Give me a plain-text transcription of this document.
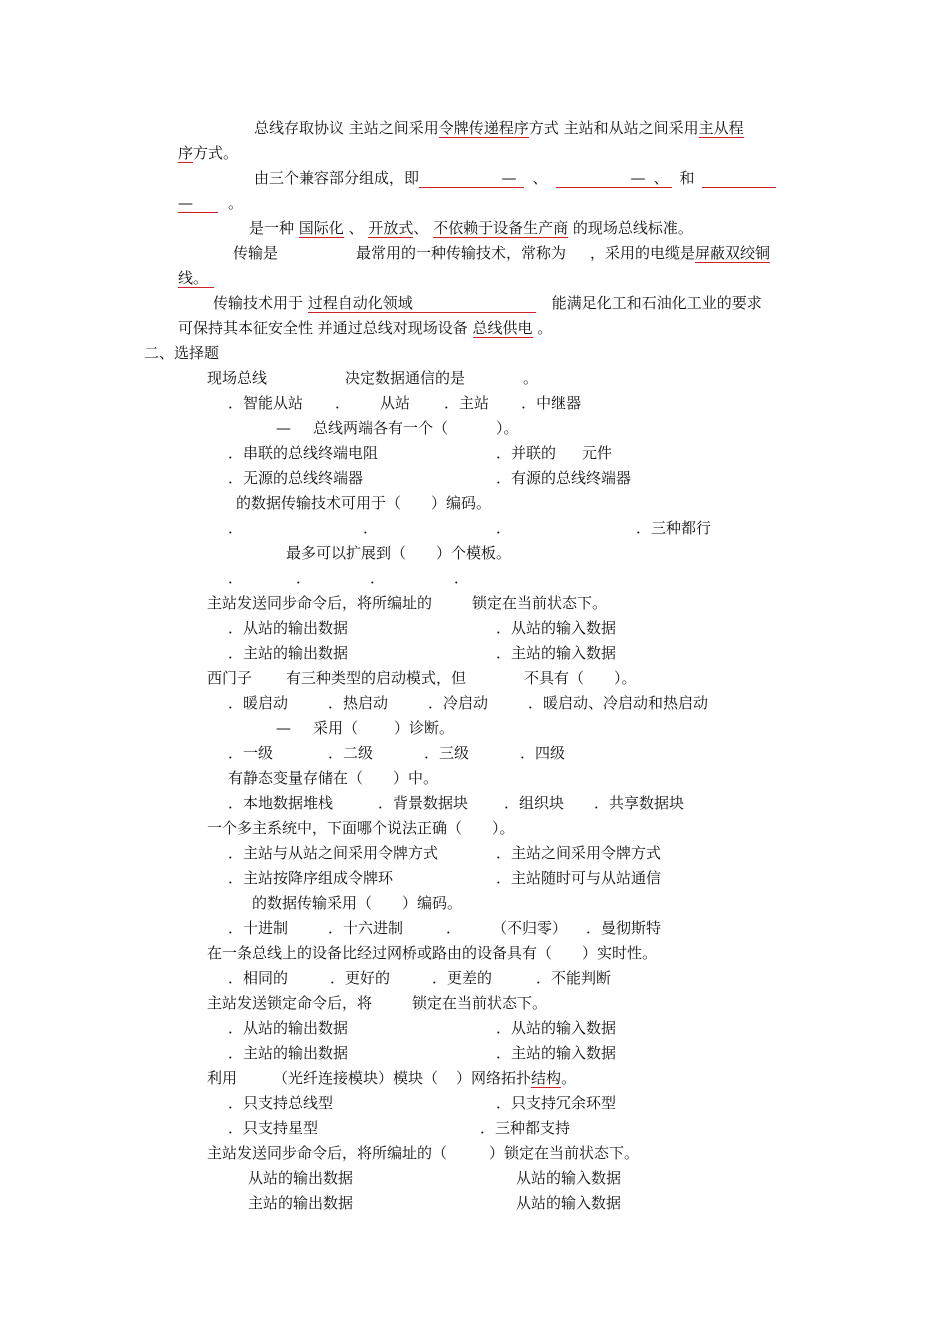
总线存取协议 主站之间采用令牌传递程序方式 主站和从站之间采用主从程
序方式。
由三个兼容部分组成，即	— 、	— 、 和
— 。
是一种 国际化 、 开放式、 不依赖于设备生产商 的现场总线标准。
传输是	最常用的一种传输技术，常称为 ，采用的电缆是屏蔽双绞铜
线。
传输技术用于 过程自动化领域	能满足化工和石油化工业的要求
可保持其本征安全性 并通过总线对现场设备 总线供电 。
二、选择题
现场总线	决定数据通信的是	。
．智能从站 ． 从站 ．主站 ．中继器
— 总线两端各有一个（	）。
．串联的总线终端电阻	．并联的 元件
．无源的总线终端器	．有源的总线终端器
的数据传输技术可用于（　　）编码。
．	．	．	．三种都行
最多可以扩展到（　　）个模板。
．	．	．	．
主站发送同步命令后，将所编址的	锁定在当前状态下。
．从站的输出数据	．从站的输入数据
．主站的输出数据	．主站的输入数据
西门子 有三种类型的启动模式，但	不具有（　　）。
．暖启动	．热启动	．冷启动	．暖启动、冷启动和热启动
— 采用（ ）诊断。
．一级	．二级	．三级	．四级
有静态变量存储在（　　）中。
．本地数据堆栈	．背景数据块 ．组织块 ．共享数据块
一个多主系统中，下面哪个说法正确（　　）。
．主站与从站之间采用令牌方式	．主站之间采用令牌方式
．主站按降序组成令牌环	．主站随时可与从站通信
的数据传输采用（　　）编码。
．十进制	．十六进制	． （不归零） ．曼彻斯特
在一条总线上的设备比经过网桥或路由的设备具有（　　）实时性。
．相同的	．更好的	．更差的	．不能判断
主站发送锁定命令后，将	锁定在当前状态下。
．从站的输出数据	．从站的输入数据
．主站的输出数据	．主站的输入数据
利用 （光纤连接模块）模块（ ）网络拓扑结构。
．只支持总线型	．只支持冗余环型
．只支持星型	．三种都支持
主站发送同步命令后，将所编址的（	）锁定在当前状态下。
从站的输出数据	从站的输入数据
主站的输出数据	从站的输入数据
